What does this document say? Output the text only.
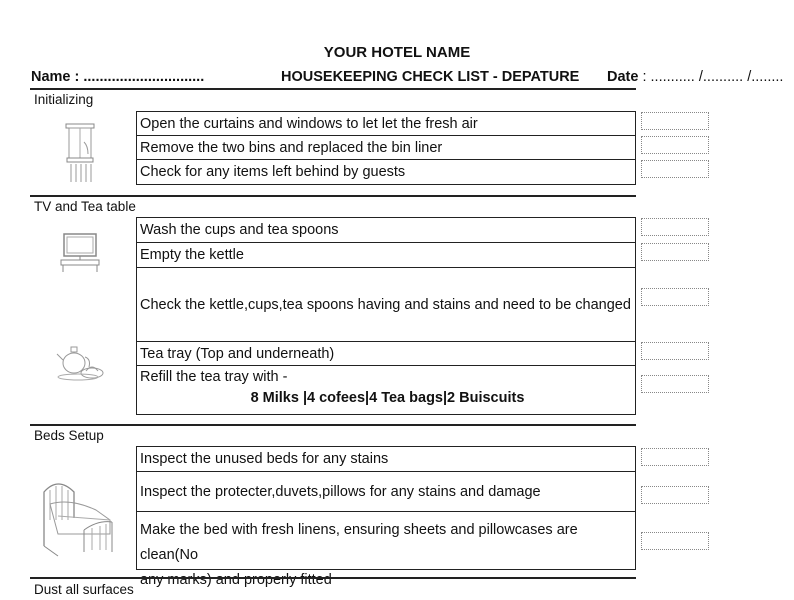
YOUR HOTEL NAME
Name : ..............................	HOUSEKEEPING CHECK LIST - DEPATURE Date : ........... /.......... /........
Initializing
Open the curtains and windows to let let the fresh air
Remove the two bins and replaced the bin liner
Check for any items left behind by guests
TV and Tea table
Wash the cups and tea spoons
Empty the kettle
Check the kettle,cups,tea spoons having and stains and need to be changed
Tea tray (Top and underneath)
Refill the tea tray with -
8 Milks |4 cofees|4 Tea bags|2 Buiscuits
Beds Setup
Inspect the unused beds for any stains
Inspect the protecter,duvets,pillows for any stains and damage
Make the bed with fresh linens, ensuring sheets and pillowcases are clean(No
any marks) and properly fitted
Dust all surfaces
